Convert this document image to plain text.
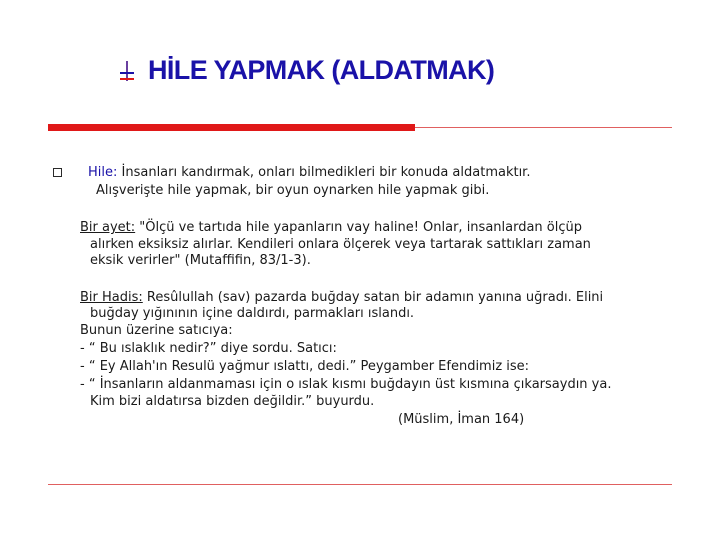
HİLE YAPMAK (ALDATMAK)
Hile: İnsanları kandırmak, onları bilmedikleri bir konuda aldatmaktır.
Alışverişte hile yapmak, bir oyun oynarken hile yapmak gibi.
Bir ayet: "Ölçü ve tartıda hile yapanların vay haline! Onlar, insanlardan ölçüp
alırken eksiksiz alırlar. Kendileri onlara ölçerek veya tartarak sattıkları zaman
eksik verirler" (Mutaffifin, 83/1-3).
Bir Hadis: Resûlullah (sav) pazarda buğday satan bir adamın yanına uğradı. Elini
buğday yığınının içine daldırdı, parmakları ıslandı.
Bunun üzerine satıcıya:
- “ Bu ıslaklık nedir?” diye sordu. Satıcı:
- “ Ey Allah'ın Resulü yağmur ıslattı, dedi.” Peygamber Efendimiz ise:
- “ İnsanların aldanmaması için o ıslak kısmı buğdayın üst kısmına çıkarsaydın ya.
Kim bizi aldatırsa bizden değildir.” buyurdu.
(Müslim, İman 164)
